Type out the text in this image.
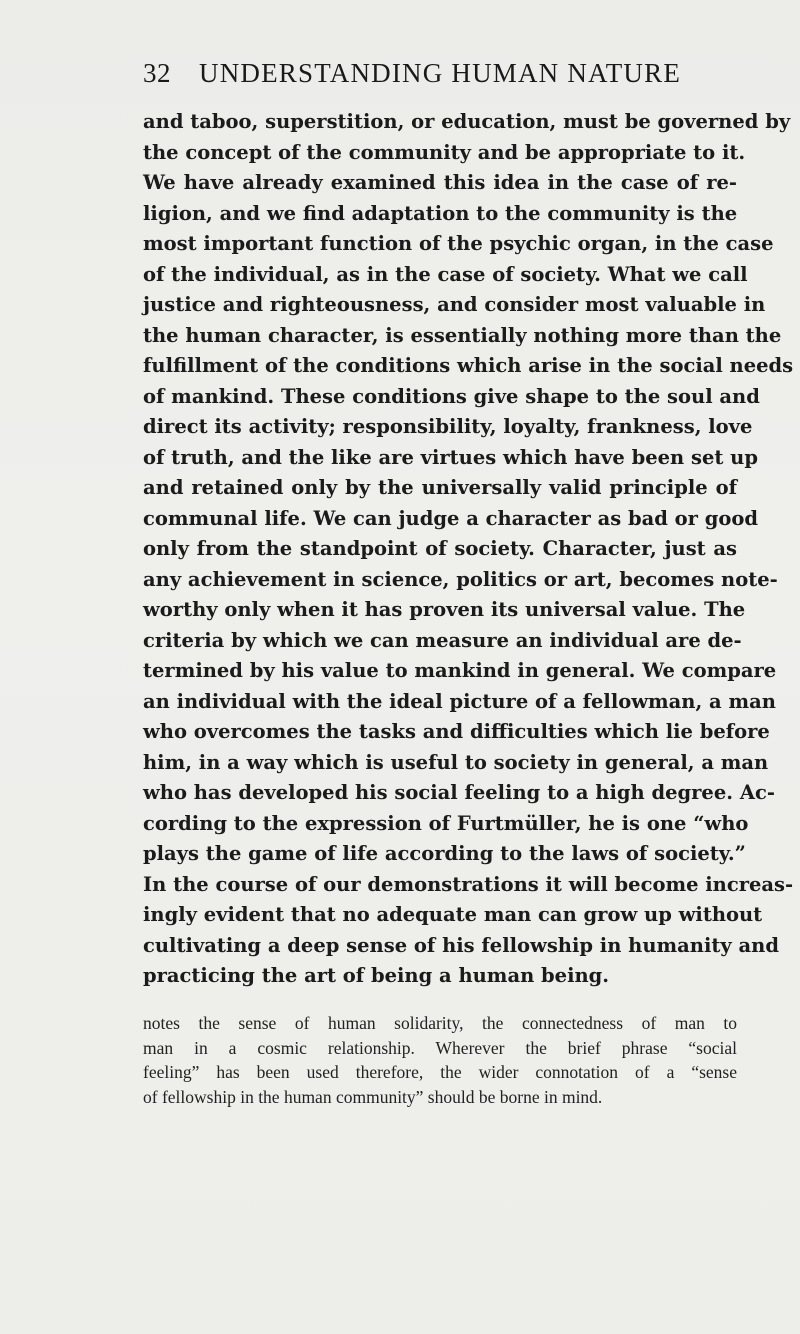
32 UNDERSTANDING HUMAN NATURE
and taboo, superstition, or education, must be governed by
the concept of the community and be appropriate to it.
We have already examined this idea in the case of re-
ligion, and we find adaptation to the community is the
most important function of the psychic organ, in the case
of the individual, as in the case of society. What we call
justice and righteousness, and consider most valuable in
the human character, is essentially nothing more than the
fulfillment of the conditions which arise in the social needs
of mankind. These conditions give shape to the soul and
direct its activity; responsibility, loyalty, frankness, love
of truth, and the like are virtues which have been set up
and retained only by the universally valid principle of
communal life. We can judge a character as bad or good
only from the standpoint of society. Character, just as
any achievement in science, politics or art, becomes note-
worthy only when it has proven its universal value. The
criteria by which we can measure an individual are de-
termined by his value to mankind in general. We compare
an individual with the ideal picture of a fellowman, a man
who overcomes the tasks and difficulties which lie before
him, in a way which is useful to society in general, a man
who has developed his social feeling to a high degree. Ac-
cording to the expression of Furtmüller, he is one “who
plays the game of life according to the laws of society.”
In the course of our demonstrations it will become increas-
ingly evident that no adequate man can grow up without
cultivating a deep sense of his fellowship in humanity and
practicing the art of being a human being.
notes the sense of human solidarity, the connectedness of man to
man in a cosmic relationship. Wherever the brief phrase “social
feeling” has been used therefore, the wider connotation of a “sense
of fellowship in the human community” should be borne in mind.
